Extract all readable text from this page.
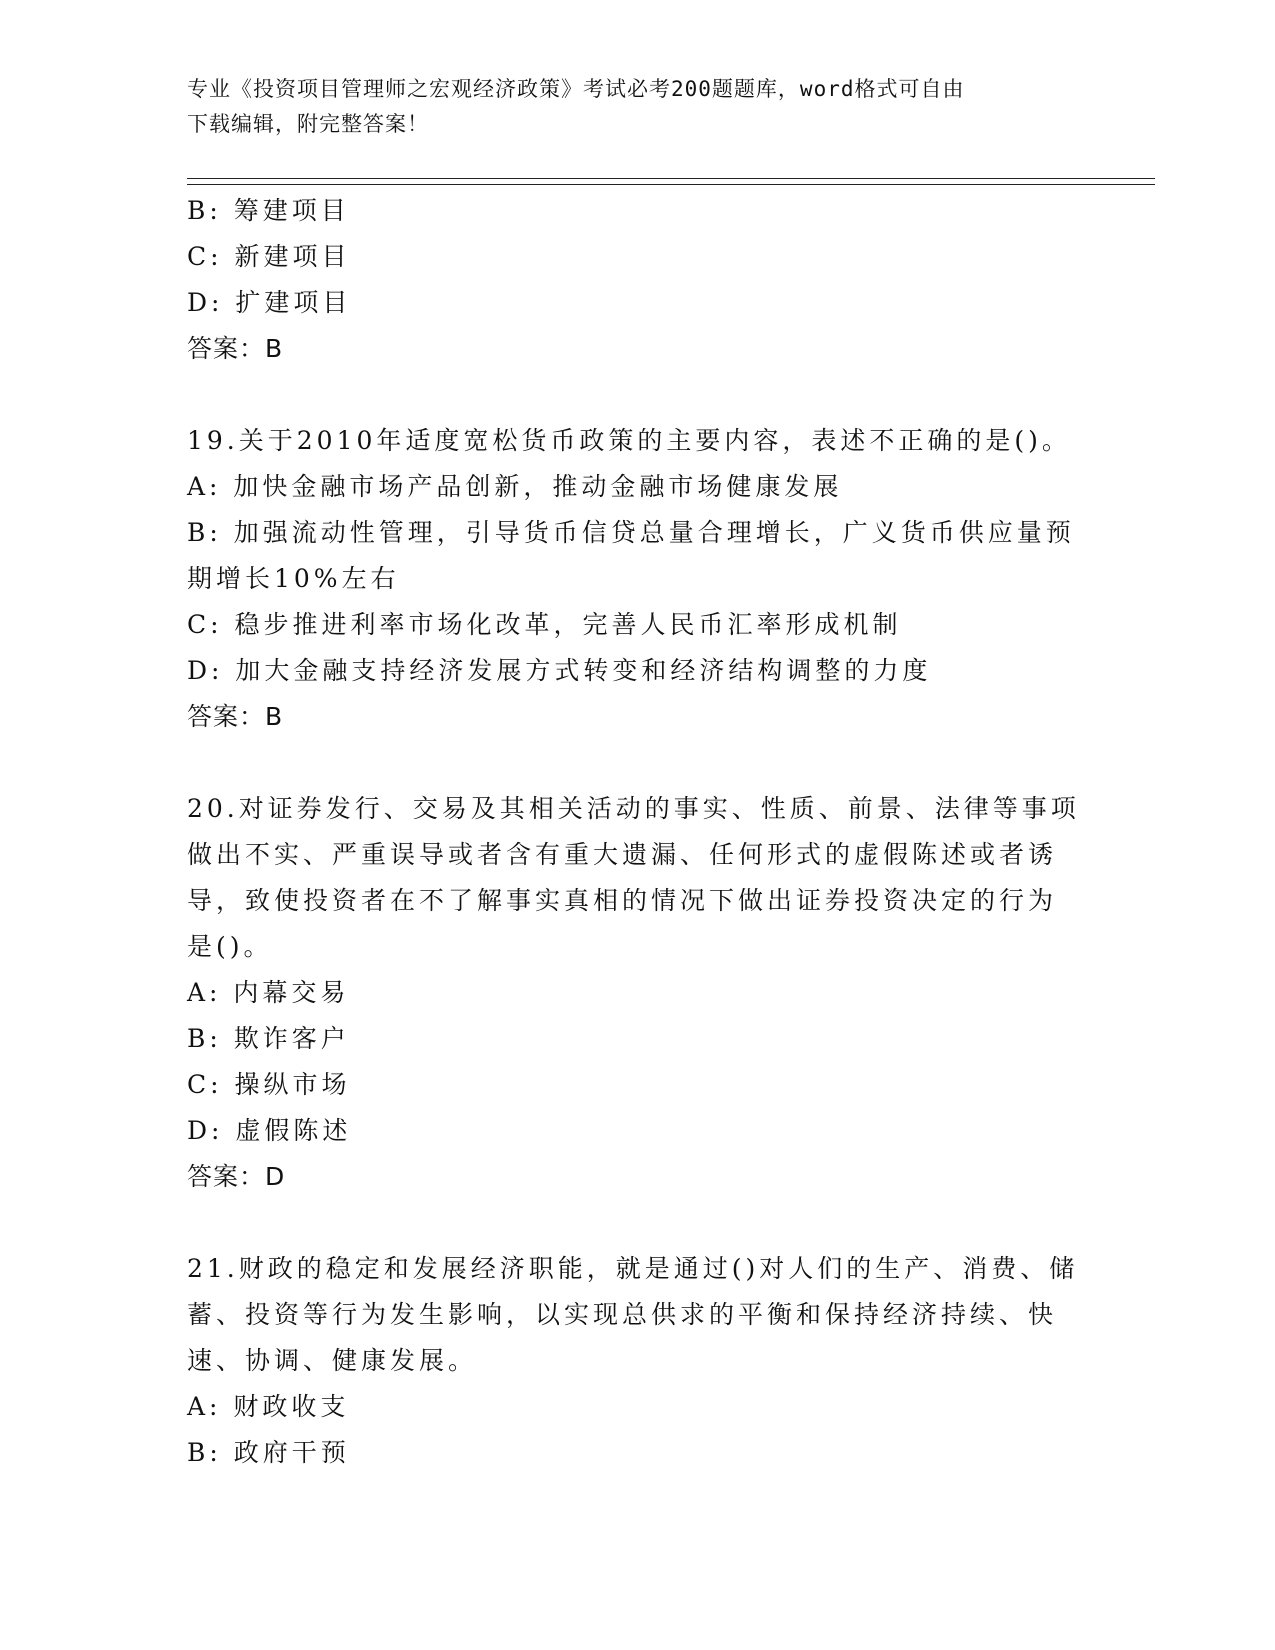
专业《投资项目管理师之宏观经济政策》考试必考200题题库，word格式可自由
下载编辑，附完整答案！
B: 筹建项目
C: 新建项目
D: 扩建项目
答案：B
19.关于2010年适度宽松货币政策的主要内容，表述不正确的是()。
A: 加快金融市场产品创新，推动金融市场健康发展
B: 加强流动性管理，引导货币信贷总量合理增长，广义货币供应量预
期增长10%左右
C: 稳步推进利率市场化改革，完善人民币汇率形成机制
D: 加大金融支持经济发展方式转变和经济结构调整的力度
答案：B
20.对证券发行、交易及其相关活动的事实、性质、前景、法律等事项
做出不实、严重误导或者含有重大遗漏、任何形式的虚假陈述或者诱
导，致使投资者在不了解事实真相的情况下做出证券投资决定的行为
是()。
A: 内幕交易
B: 欺诈客户
C: 操纵市场
D: 虚假陈述
答案：D
21.财政的稳定和发展经济职能，就是通过()对人们的生产、消费、储
蓄、投资等行为发生影响，以实现总供求的平衡和保持经济持续、快
速、协调、健康发展。
A: 财政收支
B: 政府干预
